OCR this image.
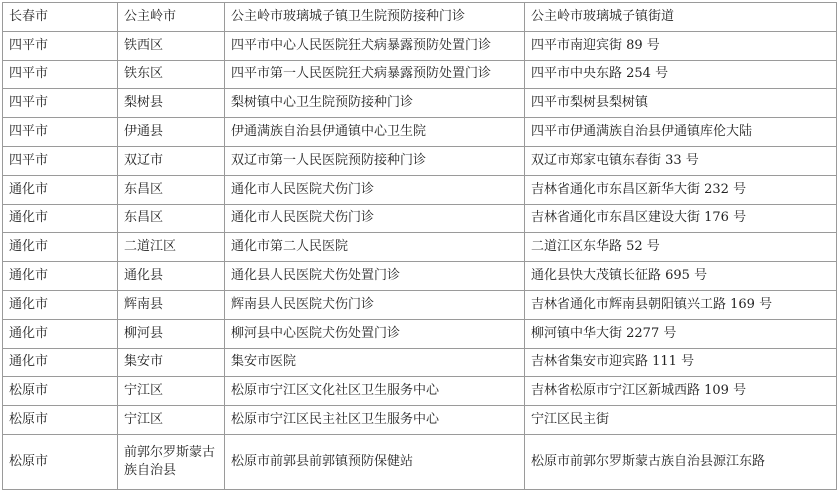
长春市	公主岭市	公主岭市玻璃城子镇卫生院预防接种门诊	公主岭市玻璃城子镇街道
四平市	铁西区	四平市中心人民医院狂犬病暴露预防处置门诊	四平市南迎宾街 89 号
四平市	铁东区	四平市第一人民医院狂犬病暴露预防处置门诊	四平市中央东路 254 号
四平市	梨树县	梨树镇中心卫生院预防接种门诊	四平市梨树县梨树镇
四平市	伊通县	伊通满族自治县伊通镇中心卫生院	四平市伊通满族自治县伊通镇库伦大陆
四平市	双辽市	双辽市第一人民医院预防接种门诊	双辽市郑家屯镇东春街 33 号
通化市	东昌区	通化市人民医院犬伤门诊	吉林省通化市东昌区新华大街 232 号
通化市	东昌区	通化市人民医院犬伤门诊	吉林省通化市东昌区建设大街 176 号
通化市	二道江区	通化市第二人民医院	二道江区东华路 52 号
通化市	通化县	通化县人民医院犬伤处置门诊	通化县快大茂镇长征路 695 号
通化市	辉南县	辉南县人民医院犬伤门诊	吉林省通化市辉南县朝阳镇兴工路 169 号
通化市	柳河县	柳河县中心医院犬伤处置门诊	柳河镇中华大街 2277 号
通化市	集安市	集安市医院	吉林省集安市迎宾路 111 号
松原市	宁江区	松原市宁江区文化社区卫生服务中心	吉林省松原市宁江区新城西路 109 号
松原市	宁江区	松原市宁江区民主社区卫生服务中心	宁江区民主街
松原市	前郭尔罗斯蒙古族自治县	松原市前郭县前郭镇预防保健站	松原市前郭尔罗斯蒙古族自治县源江东路
